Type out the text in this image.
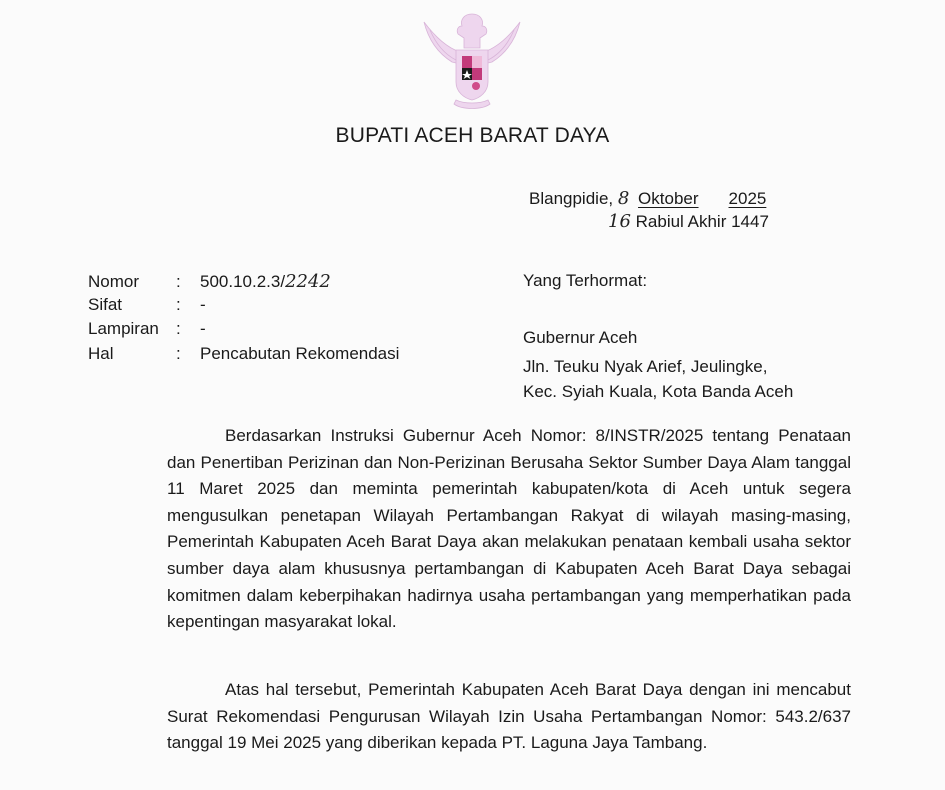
BUPATI ACEH BARAT DAYA
Blangpidie, 8 Oktober 2025
16 Rabiul Akhir 1447
Nomor : 500.10.2.3/2242
Sifat	: -
Lampiran : -
Hal	: Pencabutan Rekomendasi
Yang Terhormat:
Gubernur Aceh
Jln. Teuku Nyak Arief, Jeulingke,
Kec. Syiah Kuala, Kota Banda Aceh

Berdasarkan Instruksi Gubernur Aceh Nomor: 8/INSTR/2025 tentang Penataan dan Penertiban Perizinan dan Non-Perizinan Berusaha Sektor Sumber Daya Alam tanggal 11 Maret 2025 dan meminta pemerintah kabupaten/kota di Aceh untuk segera mengusulkan penetapan Wilayah Pertambangan Rakyat di wilayah masing-masing, Pemerintah Kabupaten Aceh Barat Daya akan melakukan penataan kembali usaha sektor sumber daya alam khususnya pertambangan di Kabupaten Aceh Barat Daya sebagai komitmen dalam keberpihakan hadirnya usaha pertambangan yang memperhatikan pada kepentingan masyarakat lokal.

Atas hal tersebut, Pemerintah Kabupaten Aceh Barat Daya dengan ini mencabut Surat Rekomendasi Pengurusan Wilayah Izin Usaha Pertambangan Nomor: 543.2/637 tanggal 19 Mei 2025 yang diberikan kepada PT. Laguna Jaya Tambang.
